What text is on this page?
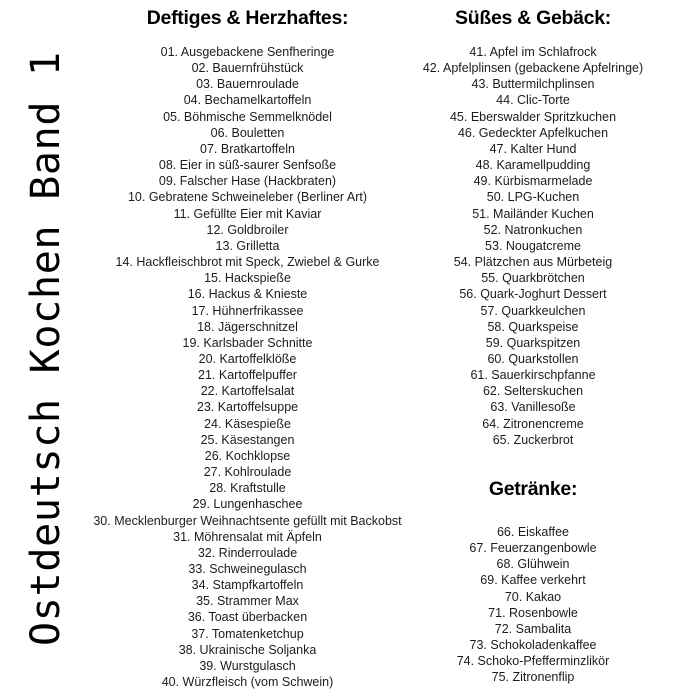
Ostdeutsch Kochen Band 1
Deftiges & Herzhaftes:
01. Ausgebackene Senfheringe
02. Bauernfrühstück
03. Bauernroulade
04. Bechamelkartoffeln
05. Böhmische Semmelknödel
06. Bouletten
07. Bratkartoffeln
08. Eier in süß-saurer Senfsoße
09. Falscher Hase (Hackbraten)
10. Gebratene Schweineleber (Berliner Art)
11. Gefüllte Eier mit Kaviar
12. Goldbroiler
13. Grilletta
14. Hackfleischbrot mit Speck, Zwiebel & Gurke
15. Hackspieße
16. Hackus & Knieste
17. Hühnerfrikassee
18. Jägerschnitzel
19. Karlsbader Schnitte
20. Kartoffelklöße
21. Kartoffelpuffer
22. Kartoffelsalat
23. Kartoffelsuppe
24. Käsespieße
25. Käsestangen
26. Kochklopse
27. Kohlroulade
28. Kraftstulle
29. Lungenhaschee
30. Mecklenburger Weihnachtsente gefüllt mit Backobst
31. Möhrensalat mit Äpfeln
32. Rinderroulade
33. Schweinegulasch
34. Stampfkartoffeln
35. Strammer Max
36. Toast überbacken
37. Tomatenketchup
38. Ukrainische Soljanka
39. Wurstgulasch
40. Würzfleisch (vom Schwein)
Süßes & Gebäck:
41. Apfel im Schlafrock
42. Apfelplinsen (gebackene Apfelringe)
43. Buttermilchplinsen
44. Clic-Torte
45. Eberswalder Spritzkuchen
46. Gedeckter Apfelkuchen
47. Kalter Hund
48. Karamellpudding
49. Kürbismarmelade
50. LPG-Kuchen
51. Mailänder Kuchen
52. Natronkuchen
53. Nougatcreme
54. Plätzchen aus Mürbeteig
55. Quarkbrötchen
56. Quark-Joghurt Dessert
57. Quarkkeulchen
58. Quarkspeise
59. Quarkspitzen
60. Quarkstollen
61. Sauerkirschpfanne
62. Selterskuchen
63. Vanillesoße
64. Zitronencreme
65. Zuckerbrot
Getränke:
66. Eiskaffee
67. Feuerzangenbowle
68. Glühwein
69. Kaffee verkehrt
70. Kakao
71. Rosenbowle
72. Sambalita
73. Schokoladenkaffee
74. Schoko-Pfefferminzlikör
75. Zitronenflip
